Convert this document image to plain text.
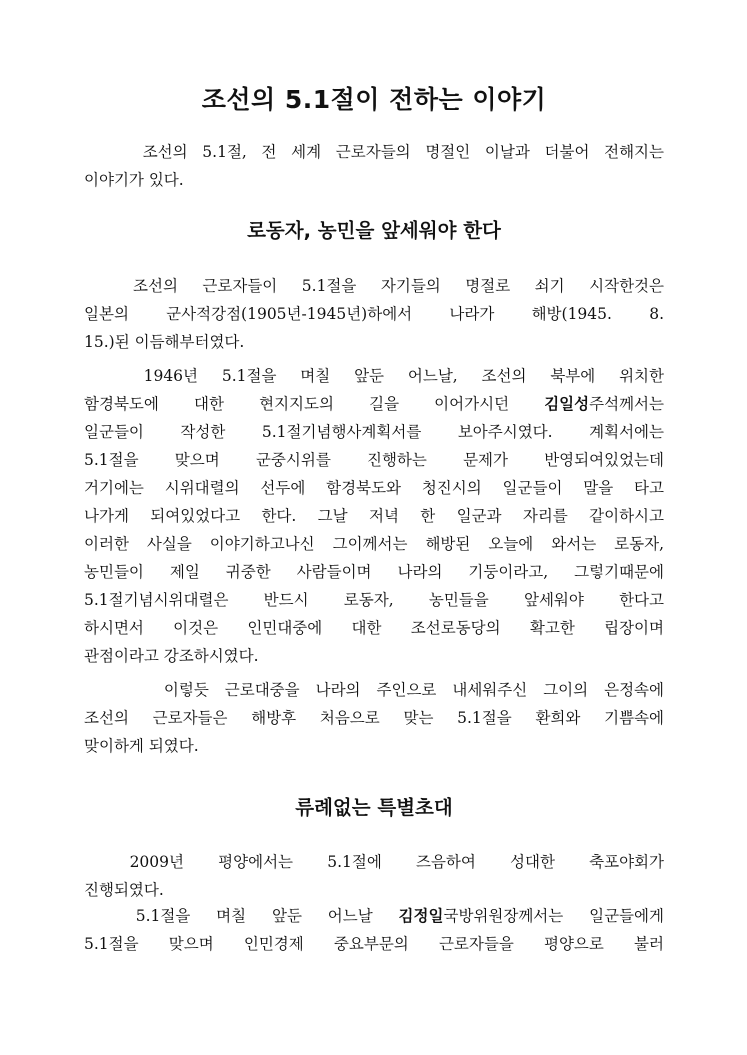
조선의 5.1절이 전하는 이야기
조선의 5.1절, 전 세계 근로자들의 명절인 이날과 더불어 전해지는
이야기가 있다.
로동자, 농민을 앞세워야 한다
조선의  근로자들이  5.1절을  자기들의  명절로  쇠기  시작한것은
일본의   군사적강점(1905년-1945년)하에서   나라가   해방(1945.   8.
15.)된 이듬해부터였다.
1946년  5.1절을  며칠  앞둔  어느날,  조선의  북부에  위치한
함경북도에   대한   현지지도의   길을   이어가시던   김일성주석께서는
일군들이  작성한  5.1절기념행사계획서를  보아주시였다.  계획서에는
5.1절을   맞으며   군중시위를   진행하는   문제가   반영되여있었는데
거기에는 시위대렬의 선두에 함경북도와 청진시의 일군들이 말을 타고
나가게 되여있었다고 한다. 그날 저녁 한 일군과 자리를 같이하시고
이러한 사실을 이야기하고나신 그이께서는 해방된 오늘에 와서는 로동자,
농민들이 제일 귀중한 사람들이며 나라의 기둥이라고, 그렇기때문에
5.1절기념시위대렬은   반드시   로동자,   농민들을   앞세워야   한다고
하시면서  이것은  인민대중에  대한  조선로동당의  확고한  립장이며
관점이라고 강조하시였다.
이렇듯 근로대중을 나라의 주인으로 내세워주신 그이의 은정속에
조선의  근로자들은  해방후  처음으로  맞는  5.1절을  환희와  기쁨속에
맞이하게 되였다.
류례없는 특별초대
2009년   평양에서는   5.1절에   즈음하여   성대한   축포야회가
진행되였다.
5.1절을  며칠  앞둔  어느날  김정일국방위원장께서는  일군들에게
5.1절을   맞으며   인민경제   중요부문의   근로자들을   평양으로   불러
